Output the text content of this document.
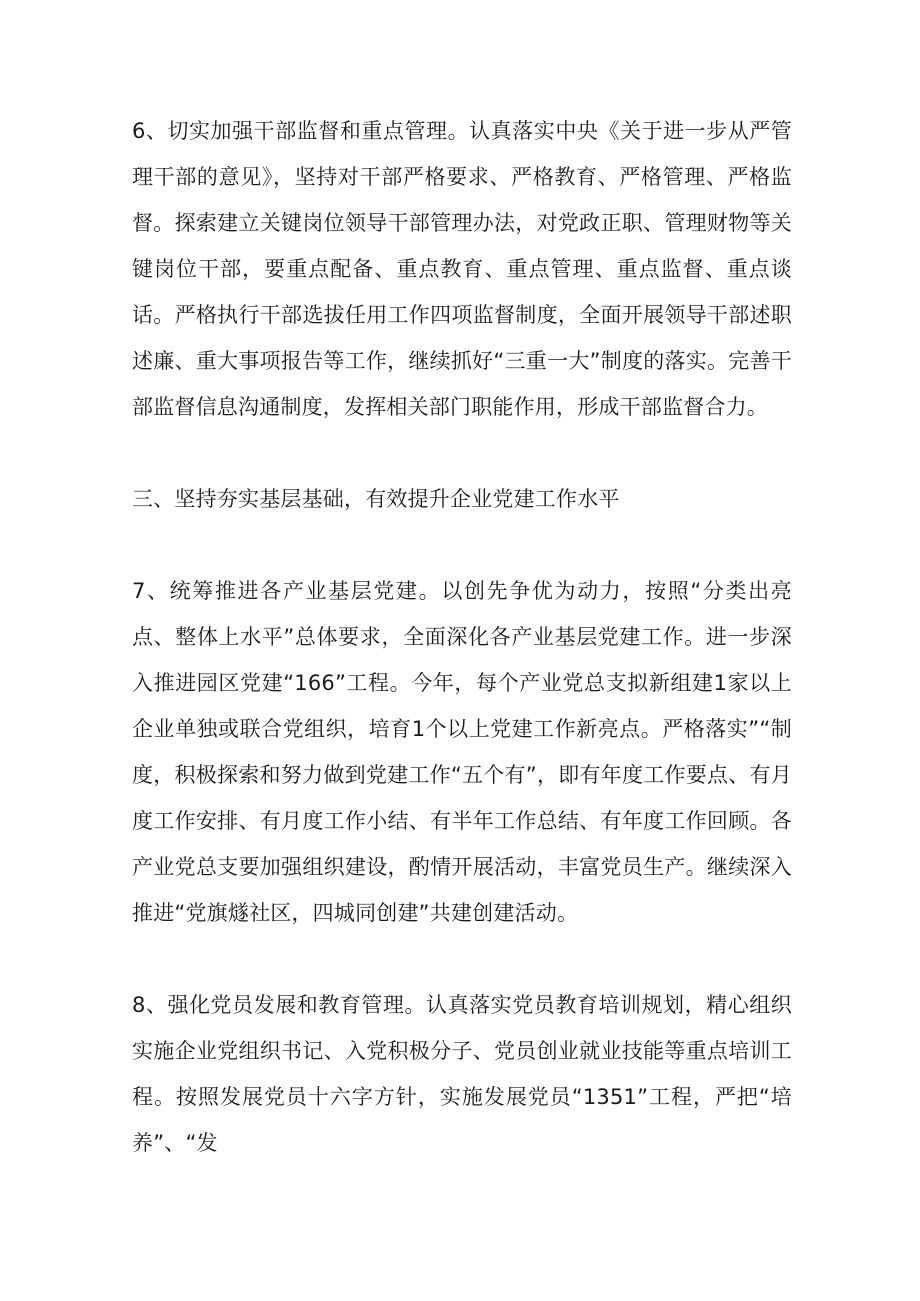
6、切实加强干部监督和重点管理。认真落实中央《关于进一步从严管理干部的意见》，坚持对干部严格要求、严格教育、严格管理、严格监督。探索建立关键岗位领导干部管理办法，对党政正职、管理财物等关键岗位干部，要重点配备、重点教育、重点管理、重点监督、重点谈话。严格执行干部选拔任用工作四项监督制度，全面开展领导干部述职述廉、重大事项报告等工作，继续抓好“三重一大”制度的落实。完善干部监督信息沟通制度，发挥相关部门职能作用，形成干部监督合力。

三、坚持夯实基层基础，有效提升企业党建工作水平

7、统筹推进各产业基层党建。以创先争优为动力，按照“分类出亮点、整体上水平”总体要求，全面深化各产业基层党建工作。进一步深入推进园区党建“166”工程。今年，每个产业党总支拟新组建1家以上企业单独或联合党组织，培育1个以上党建工作新亮点。严格落实”“制度，积极探索和努力做到党建工作“五个有”，即有年度工作要点、有月度工作安排、有月度工作小结、有半年工作总结、有年度工作回顾。各产业党总支要加强组织建设，酌情开展活动，丰富党员生产。继续深入推进“党旗燧社区，四城同创建”共建创建活动。

8、强化党员发展和教育管理。认真落实党员教育培训规划，精心组织实施企业党组织书记、入党积极分子、党员创业就业技能等重点培训工程。按照发展党员十六字方针，实施发展党员“1351”工程，严把“培养”、“发
